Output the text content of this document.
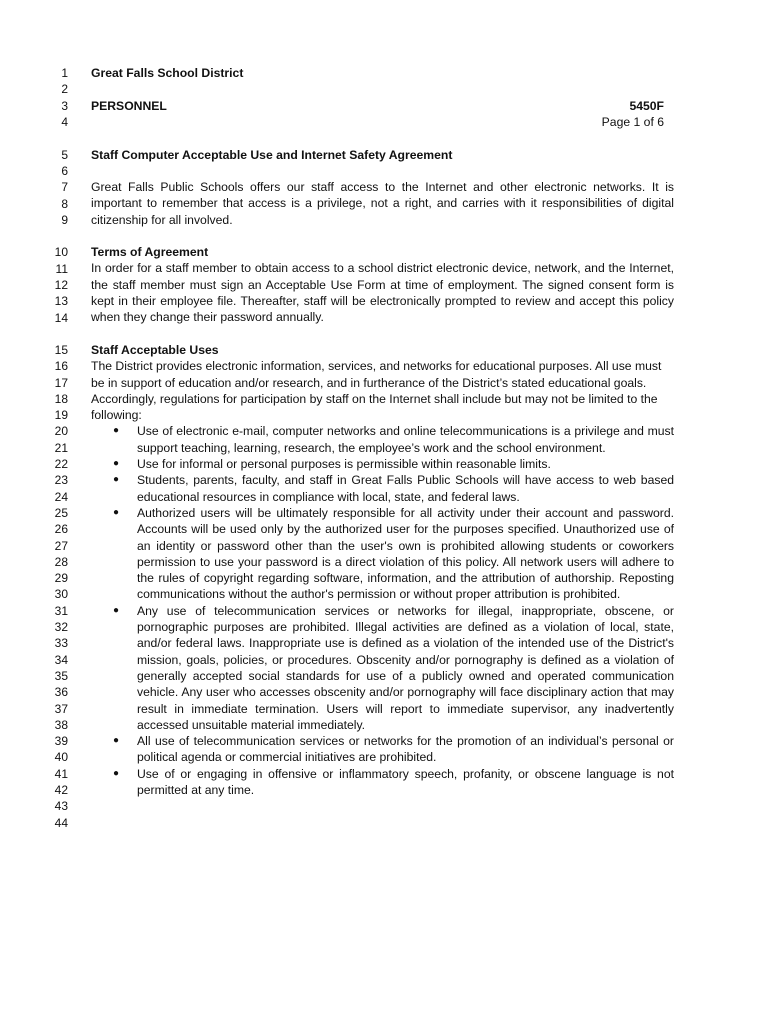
1
2
3
4
5
6
7
8
9
10
11
12
13
14
15
16
17
18
19
20
21
22
23
24
25
26
27
28
29
30
31
32
33
34
35
36
37
38
39
40
41
42
43
44
Great Falls School District
PERSONNEL	5450F
Page 1 of 6
Staff Computer Acceptable Use and Internet Safety Agreement
Great Falls Public Schools offers our staff access to the Internet and other electronic networks. It is important to remember that access is a privilege, not a right, and carries with it responsibilities of digital citizenship for all involved.

Terms of Agreement

In order for a staff member to obtain access to a school district electronic device, network, and the Internet, the staff member must sign an Acceptable Use Form at time of employment. The signed consent form is kept in their employee file. Thereafter, staff will be electronically prompted to review and accept this policy when they change their password annually.

Staff Acceptable Uses

The District provides electronic information, services, and networks for educational purposes. All use must be in support of education and/or research, and in furtherance of the District’s stated educational goals. Accordingly, regulations for participation by staff on the Internet shall include but may not be limited to the following:

● Use of electronic e-mail, computer networks and online telecommunications is a privilege and must support teaching, learning, research, the employee’s work and the school environment.
● Use for informal or personal purposes is permissible within reasonable limits.
● Students, parents, faculty, and staff in Great Falls Public Schools will have access to web based educational resources in compliance with local, state, and federal laws.
● Authorized users will be ultimately responsible for all activity under their account and password. Accounts will be used only by the authorized user for the purposes specified. Unauthorized use of an identity or password other than the user's own is prohibited allowing students or coworkers permission to use your password is a direct violation of this policy. All network users will adhere to the rules of copyright regarding software, information, and the attribution of authorship. Reposting communications without the author's permission or without proper attribution is prohibited.
● Any use of telecommunication services or networks for illegal, inappropriate, obscene, or pornographic purposes are prohibited. Illegal activities are defined as a violation of local, state, and/or federal laws. Inappropriate use is defined as a violation of the intended use of the District's mission, goals, policies, or procedures. Obscenity and/or pornography is defined as a violation of generally accepted social standards for use of a publicly owned and operated communication vehicle. Any user who accesses obscenity and/or pornography will face disciplinary action that may result in immediate termination. Users will report to immediate supervisor, any inadvertently accessed unsuitable material immediately.
● All use of telecommunication services or networks for the promotion of an individual’s personal or political agenda or commercial initiatives are prohibited.
● Use of or engaging in offensive or inflammatory speech, profanity, or obscene language is not permitted at any time.
